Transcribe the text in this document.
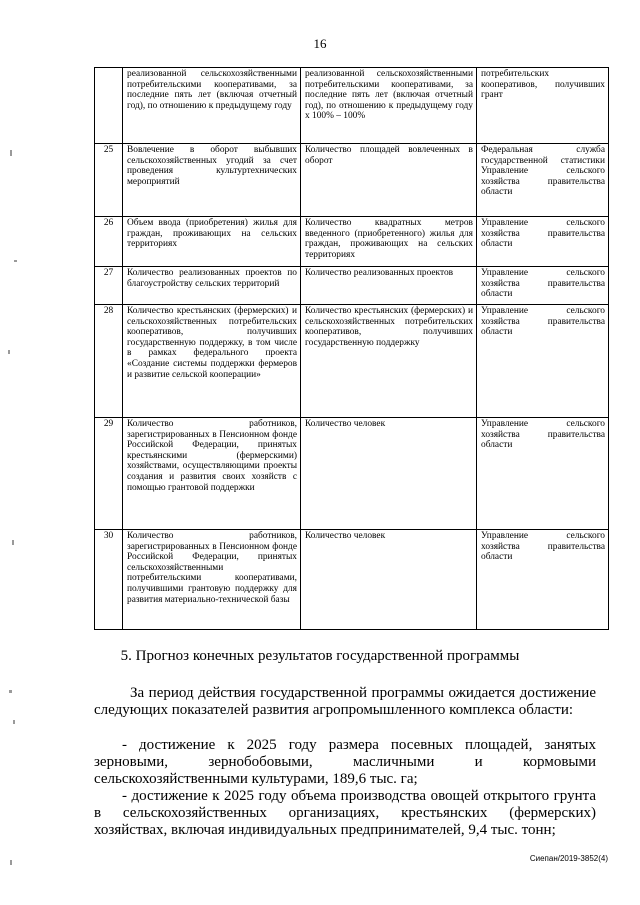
16
	реализованной сельскохозяйственными потребительскими кооперативами, за последние пять лет (включая отчетный год), по отношению к предыдущему году	реализованной сельскохозяйственными потребительскими кооперативами, за последние пять лет (включая отчетный год), по отношению к предыдущему году х 100% – 100%	потребительских кооперативов, получивших грант
25	Вовлечение в оборот выбывших сельскохозяйственных угодий за счет проведения культуртехнических мероприятий	Количество площадей вовлеченных в оборот	Федеральная служба государственной статистики Управление сельского хозяйства правительства области
26	Объем ввода (приобретения) жилья для граждан, проживающих на сельских территориях	Количество квадратных метров введенного (приобретенного) жилья для граждан, проживающих на сельских территориях	Управление сельского хозяйства правительства области
27	Количество реализованных проектов по благоустройству сельских территорий	Количество реализованных проектов	Управление сельского хозяйства правительства области
28	Количество крестьянских (фермерских) и сельскохозяйственных потребительских кооперативов, получивших государственную поддержку, в том числе в рамках федерального проекта «Создание системы поддержки фермеров и развитие сельской кооперации»	Количество крестьянских (фермерских) и сельскохозяйственных потребительских кооперативов, получивших государственную поддержку	Управление сельского хозяйства правительства области
29	Количество работников, зарегистрированных в Пенсионном фонде Российской Федерации, принятых крестьянскими (фермерскими) хозяйствами, осуществляющими проекты создания и развития своих хозяйств с помощью грантовой поддержки	Количество человек	Управление сельского хозяйства правительства области
30	Количество работников, зарегистрированных в Пенсионном фонде Российской Федерации, принятых сельскохозяйственными потребительскими кооперативами, получившими грантовую поддержку для развития материально-технической базы	Количество человек	Управление сельского хозяйства правительства области
5. Прогноз конечных результатов государственной программы

За период действия государственной программы ожидается достижение следующих показателей развития агропромышленного комплекса области:

- достижение к 2025 году размера посевных площадей, занятых зерновыми, зернобобовыми, масличными и кормовыми сельскохозяйственными культурами, 189,6 тыс. га;

- достижение к 2025 году объема производства овощей открытого грунта в сельскохозяйственных организациях, крестьянских (фермерских) хозяйствах, включая индивидуальных предпринимателей, 9,4 тыс. тонн;

Сиепан/2019-3852(4)
